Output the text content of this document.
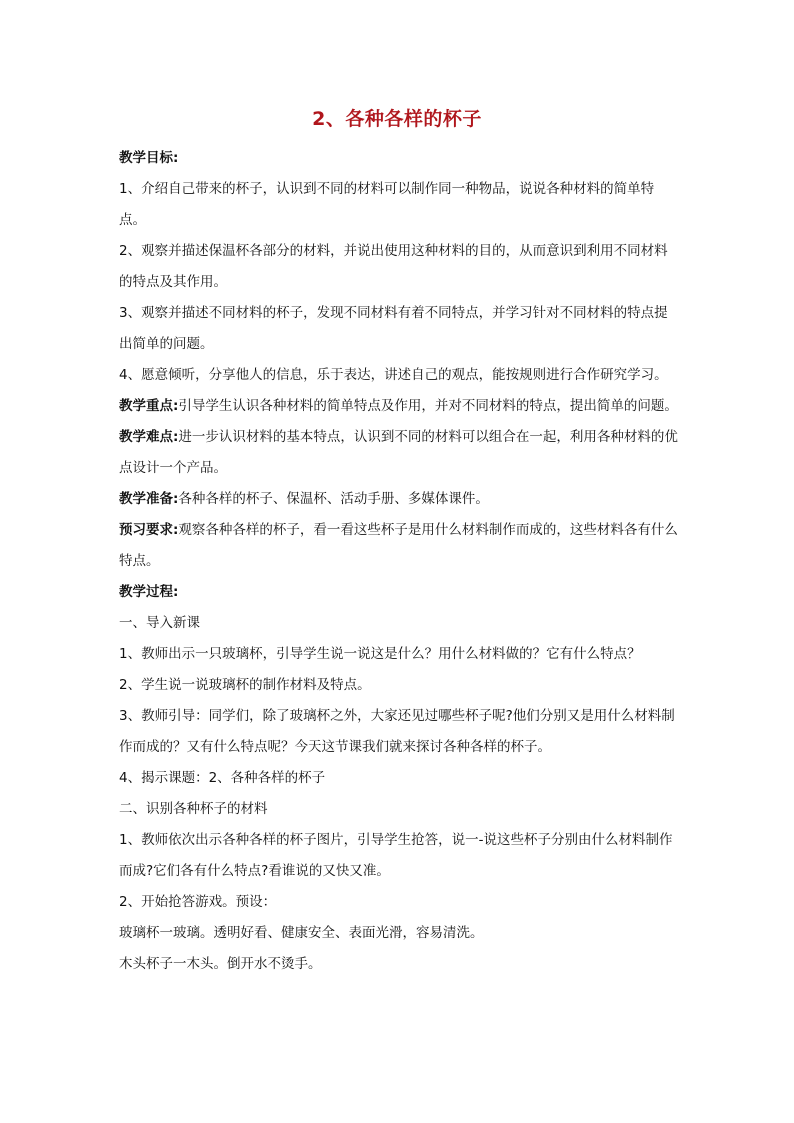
2、各种各样的杯子

教学目标:

1、介绍自己带来的杯子，认识到不同的材料可以制作同一种物品，说说各种材料的简单特点。

2、观察并描述保温杯各部分的材料，并说出使用这种材料的目的，从而意识到利用不同材料的特点及其作用。

3、观察并描述不同材料的杯子，发现不同材料有着不同特点，并学习针对不同材料的特点提出简单的问题。

4、愿意倾听，分享他人的信息，乐于表达，讲述自己的观点，能按规则进行合作研究学习。

教学重点:引导学生认识各种材料的简单特点及作用，并对不同材料的特点，提出简单的问题。

教学难点:进一步认识材料的基本特点，认识到不同的材料可以组合在一起，利用各种材料的优点设计一个产品。

教学准备:各种各样的杯子、保温杯、活动手册、多媒体课件。

预习要求:观察各种各样的杯子，看一看这些杯子是用什么材料制作而成的，这些材料各有什么特点。

教学过程:

一、导入新课

1、教师出示一只玻璃杯，引导学生说一说这是什么？用什么材料做的？它有什么特点？

2、学生说一说玻璃杯的制作材料及特点。

3、教师引导：同学们，除了玻璃杯之外，大家还见过哪些杯子呢?他们分别又是用什么材料制作而成的？又有什么特点呢？今天这节课我们就来探讨各种各样的杯子。

4、揭示课题：2、各种各样的杯子

二、识别各种杯子的材料

1、教师依次出示各种各样的杯子图片，引导学生抢答，说一-说这些杯子分别由什么材料制作而成?它们各有什么特点?看谁说的又快又准。

2、开始抢答游戏。预设：

玻璃杯一玻璃。透明好看、健康安全、表面光滑，容易清洗。

木头杯子一木头。倒开水不烫手。
